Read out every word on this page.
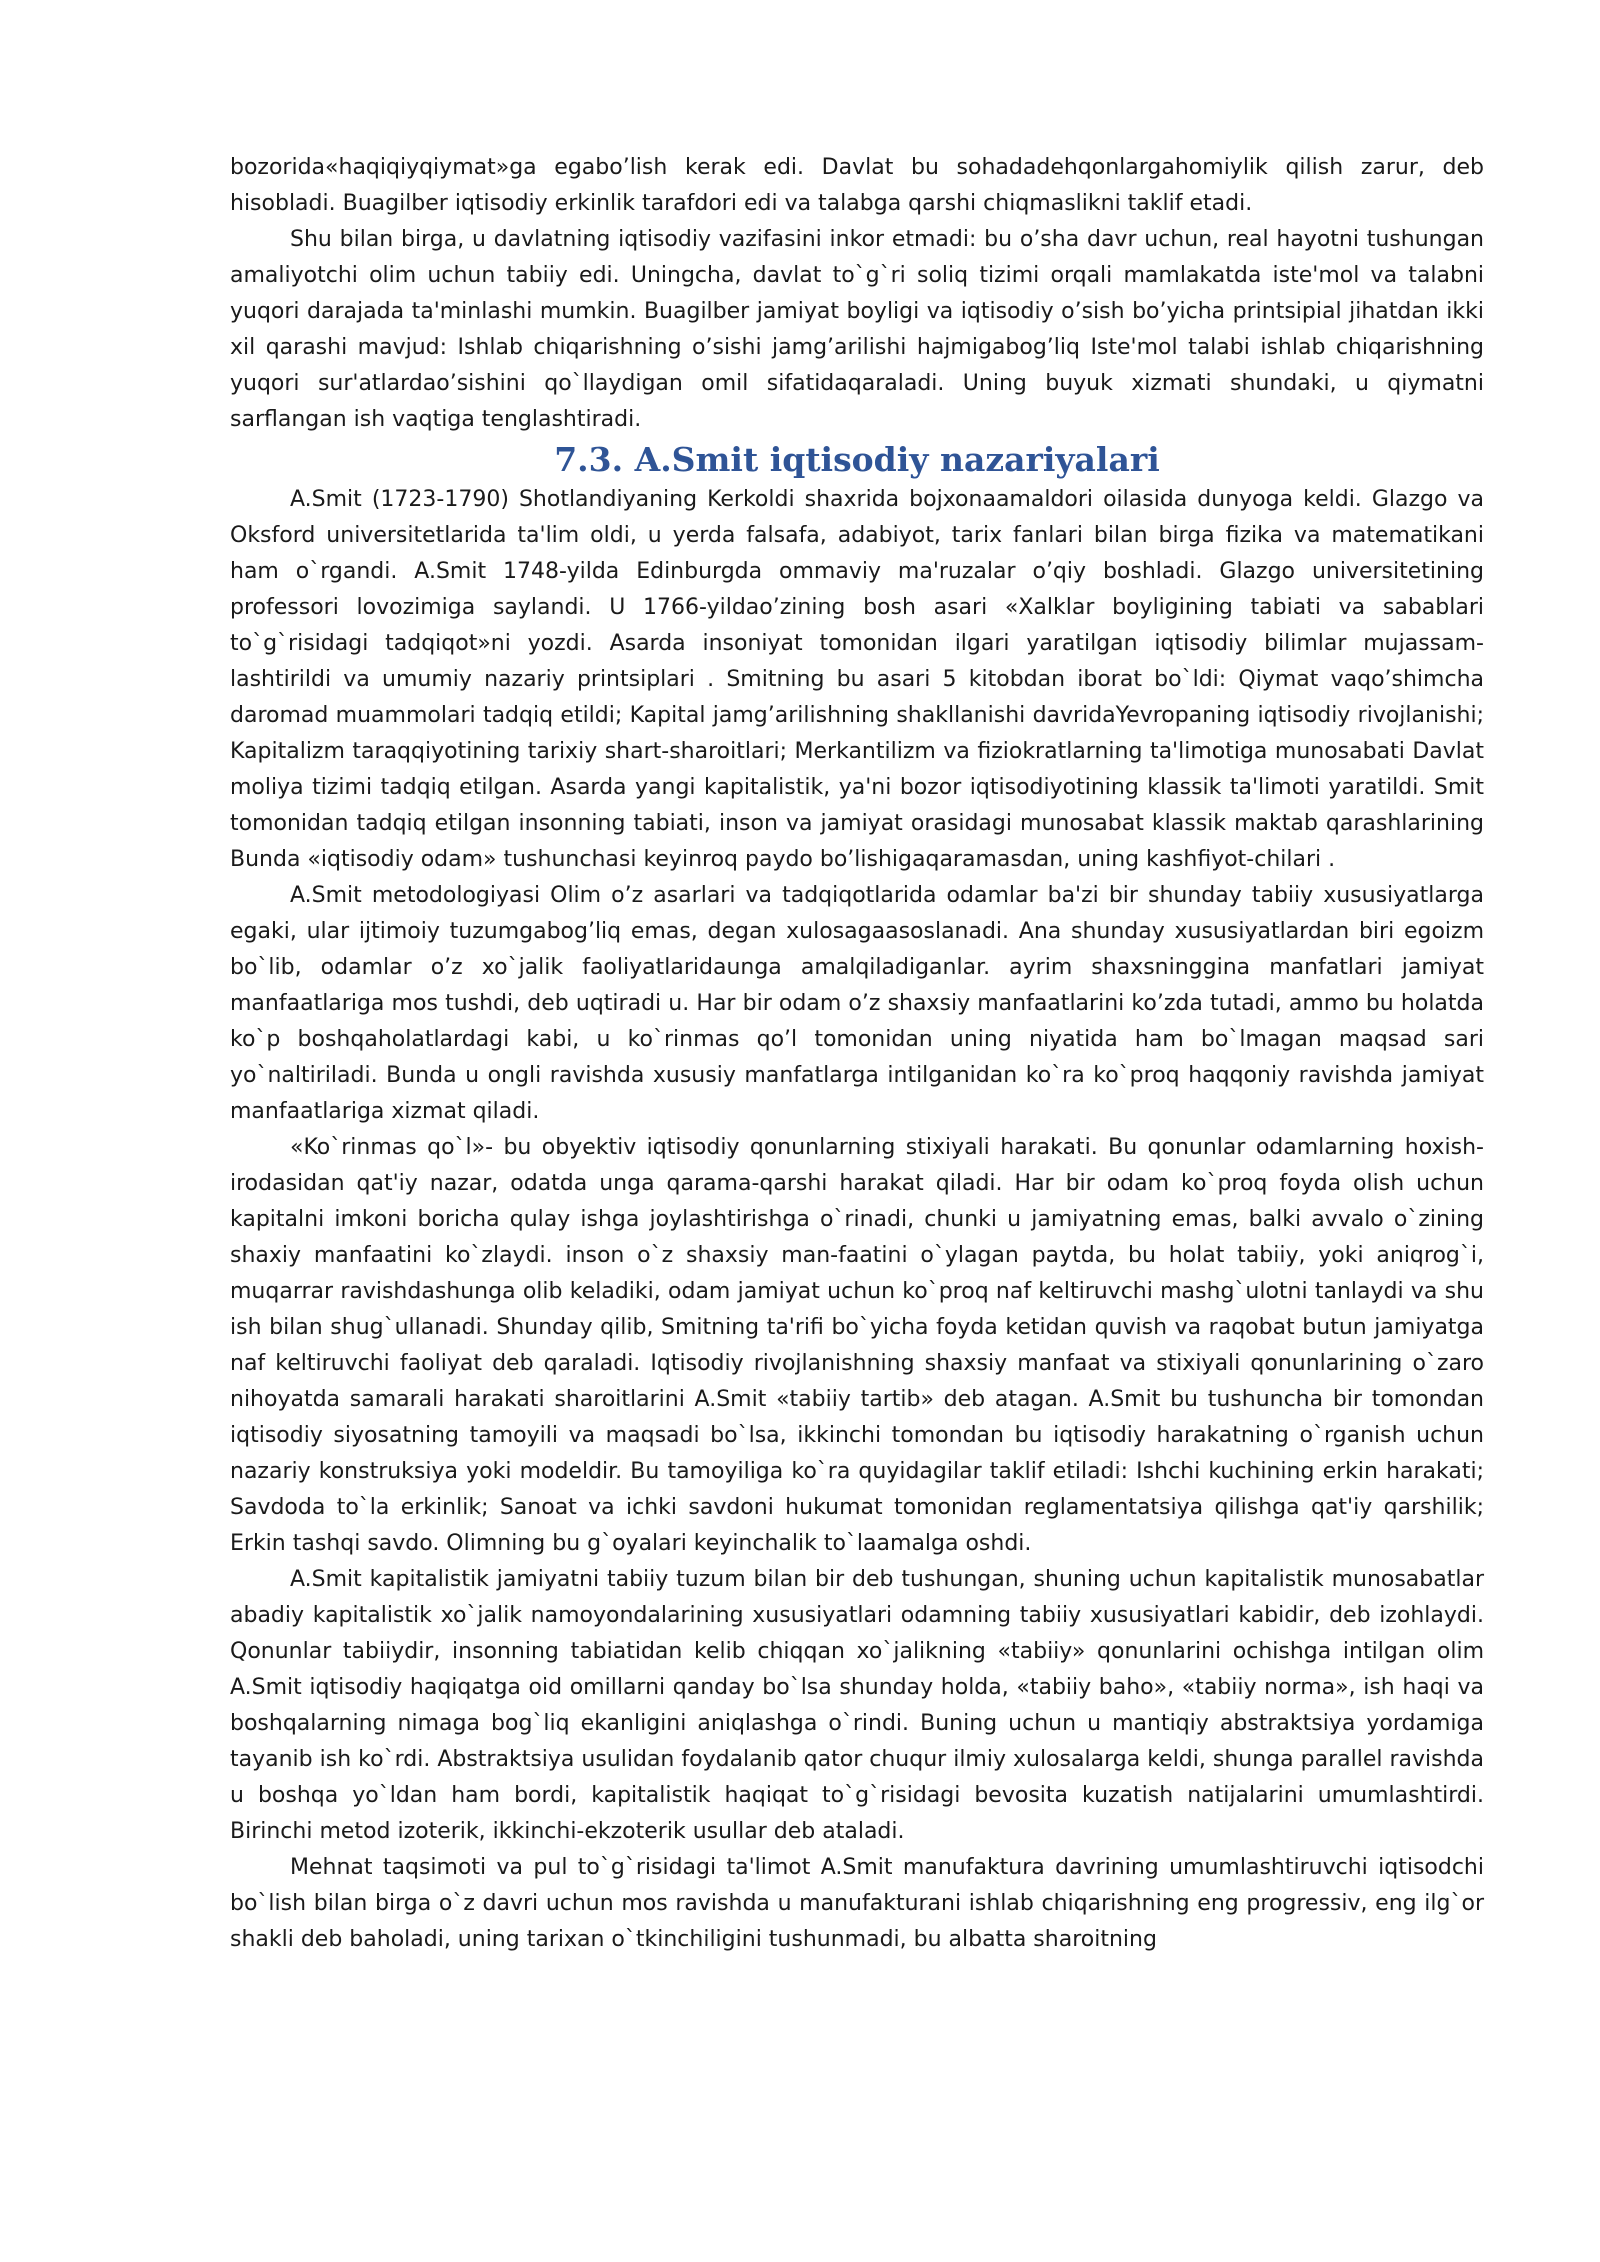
bozorida«haqiqiyqiymat»ga egabo’lish kerak edi. Davlat bu sohadadehqonlargahomiylik qilish zarur, deb hisobladi. Buagilber iqtisodiy erkinlik tarafdori edi va talabga qarshi chiqmaslikni taklif etadi.

Shu bilan birga, u davlatning iqtisodiy vazifasini inkor etmadi: bu o’sha davr uchun, real hayotni tushungan amaliyotchi olim uchun tabiiy edi. Uningcha, davlat to`g`ri soliq tizimi orqali mamlakatda iste'mol va talabni yuqori darajada ta'minlashi mumkin. Buagilber jamiyat boyligi va iqtisodiy o’sish bo’yicha printsipial jihatdan ikki xil qarashi mavjud: Ishlab chiqarishning o’sishi jamg’arilishi hajmigabog’liq Iste'mol talabi ishlab chiqarishning yuqori sur'atlardao’sishini qo`llaydigan omil sifatidaqaraladi. Uning buyuk xizmati shundaki, u qiymatni sarflangan ish vaqtiga tenglashtiradi.

7.3. A.Smit iqtisodiy nazariyalari

A.Smit (1723-1790) Shotlandiyaning Kerkoldi shaxrida bojxonaamaldori oilasida dunyoga keldi. Glazgo va Oksford universitetlarida ta'lim oldi, u yerda falsafa, adabiyot, tarix fanlari bilan birga fizika va matematikani ham o`rgandi. A.Smit 1748-yilda Edinburgda ommaviy ma'ruzalar o’qiy boshladi. Glazgo universitetining professori lovozimiga saylandi. U 1766-yildao’zining bosh asari «Xalklar boyligining tabiati va sabablari to`g`risidagi tadqiqot»ni yozdi. Asarda insoniyat tomonidan ilgari yaratilgan iqtisodiy bilimlar mujassam-lashtirildi va umumiy nazariy printsiplari . Smitning bu asari 5 kitobdan iborat bo`ldi: Qiymat vaqo’shimcha daromad muammolari tadqiq etildi; Kapital jamg’arilishning shakllanishi davridaYevropaning iqtisodiy rivojlanishi; Kapitalizm taraqqiyotining tarixiy shart-sharoitlari; Merkantilizm va fiziokratlarning ta'limotiga munosabati Davlat moliya tizimi tadqiq etilgan. Asarda yangi kapitalistik, ya'ni bozor iqtisodiyotining klassik ta'limoti yaratildi. Smit tomonidan tadqiq etilgan insonning tabiati, inson va jamiyat orasidagi munosabat klassik maktab qarashlarining Bunda «iqtisodiy odam» tushunchasi keyinroq paydo bo’lishigaqaramasdan, uning kashfiyot-chilari .

A.Smit metodologiyasi Olim o’z asarlari va tadqiqotlarida odamlar ba'zi bir shunday tabiiy xususiyatlarga egaki, ular ijtimoiy tuzumgabog’liq emas, degan xulosagaasoslanadi. Ana shunday xususiyatlardan biri egoizm bo`lib, odamlar o’z xo`jalik faoliyatlaridaunga amalqiladiganlar. ayrim shaxsninggina manfatlari jamiyat manfaatlariga mos tushdi, deb uqtiradi u. Har bir odam o’z shaxsiy manfaatlarini ko’zda tutadi, ammo bu holatda ko`p boshqaholatlardagi kabi, u ko`rinmas qo’l tomonidan uning niyatida ham bo`lmagan maqsad sari yo`naltiriladi. Bunda u ongli ravishda xususiy manfatlarga intilganidan ko`ra ko`proq haqqoniy ravishda jamiyat manfaatlariga xizmat qiladi.

«Ko`rinmas qo`l»- bu obyektiv iqtisodiy qonunlarning stixiyali harakati. Bu qonunlar odamlarning hoxish-irodasidan qat'iy nazar, odatda unga qarama-qarshi harakat qiladi. Har bir odam ko`proq foyda olish uchun kapitalni imkoni boricha qulay ishga joylashtirishga o`rinadi, chunki u jamiyatning emas, balki avvalo o`zining shaxiy manfaatini ko`zlaydi. inson o`z shaxsiy man-faatini o`ylagan paytda, bu holat tabiiy, yoki aniqrog`i, muqarrar ravishdashunga olib keladiki, odam jamiyat uchun ko`proq naf keltiruvchi mashg`ulotni tanlaydi va shu ish bilan shug`ullanadi. Shunday qilib, Smitning ta'rifi bo`yicha foyda ketidan quvish va raqobat butun jamiyatga naf keltiruvchi faoliyat deb qaraladi. Iqtisodiy rivojlanishning shaxsiy manfaat va stixiyali qonunlarining o`zaro nihoyatda samarali harakati sharoitlarini A.Smit «tabiiy tartib» deb atagan. A.Smit bu tushuncha bir tomondan iqtisodiy siyosatning tamoyili va maqsadi bo`lsa, ikkinchi tomondan bu iqtisodiy harakatning o`rganish uchun nazariy konstruksiya yoki modeldir. Bu tamoyiliga ko`ra quyidagilar taklif etiladi: Ishchi kuchining erkin harakati; Savdoda to`la erkinlik; Sanoat va ichki savdoni hukumat tomonidan reglamentatsiya qilishga qat'iy qarshilik; Erkin tashqi savdo. Olimning bu g`oyalari keyinchalik to`laamalga oshdi.

A.Smit kapitalistik jamiyatni tabiiy tuzum bilan bir deb tushungan, shuning uchun kapitalistik munosabatlar abadiy kapitalistik xo`jalik namoyondalarining xususiyatlari odamning tabiiy xususiyatlari kabidir, deb izohlaydi. Qonunlar tabiiydir, insonning tabiatidan kelib chiqqan xo`jalikning «tabiiy» qonunlarini ochishga intilgan olim A.Smit iqtisodiy haqiqatga oid omillarni qanday bo`lsa shunday holda, «tabiiy baho», «tabiiy norma», ish haqi va boshqalarning nimaga bog`liq ekanligini aniqlashga o`rindi. Buning uchun u mantiqiy abstraktsiya yordamiga tayanib ish ko`rdi. Abstraktsiya usulidan foydalanib qator chuqur ilmiy xulosalarga keldi, shunga parallel ravishda u boshqa yo`ldan ham bordi, kapitalistik haqiqat to`g`risidagi bevosita kuzatish natijalarini umumlashtirdi. Birinchi metod izoterik, ikkinchi-ekzoterik usullar deb ataladi.

Mehnat taqsimoti va pul to`g`risidagi ta'limot A.Smit manufaktura davrining umumlashtiruvchi iqtisodchi bo`lish bilan birga o`z davri uchun mos ravishda u manufakturani ishlab chiqarishning eng progressiv, eng ilg`or shakli deb baholadi, uning tarixan o`tkinchiligini tushunmadi, bu albatta sharoitning
